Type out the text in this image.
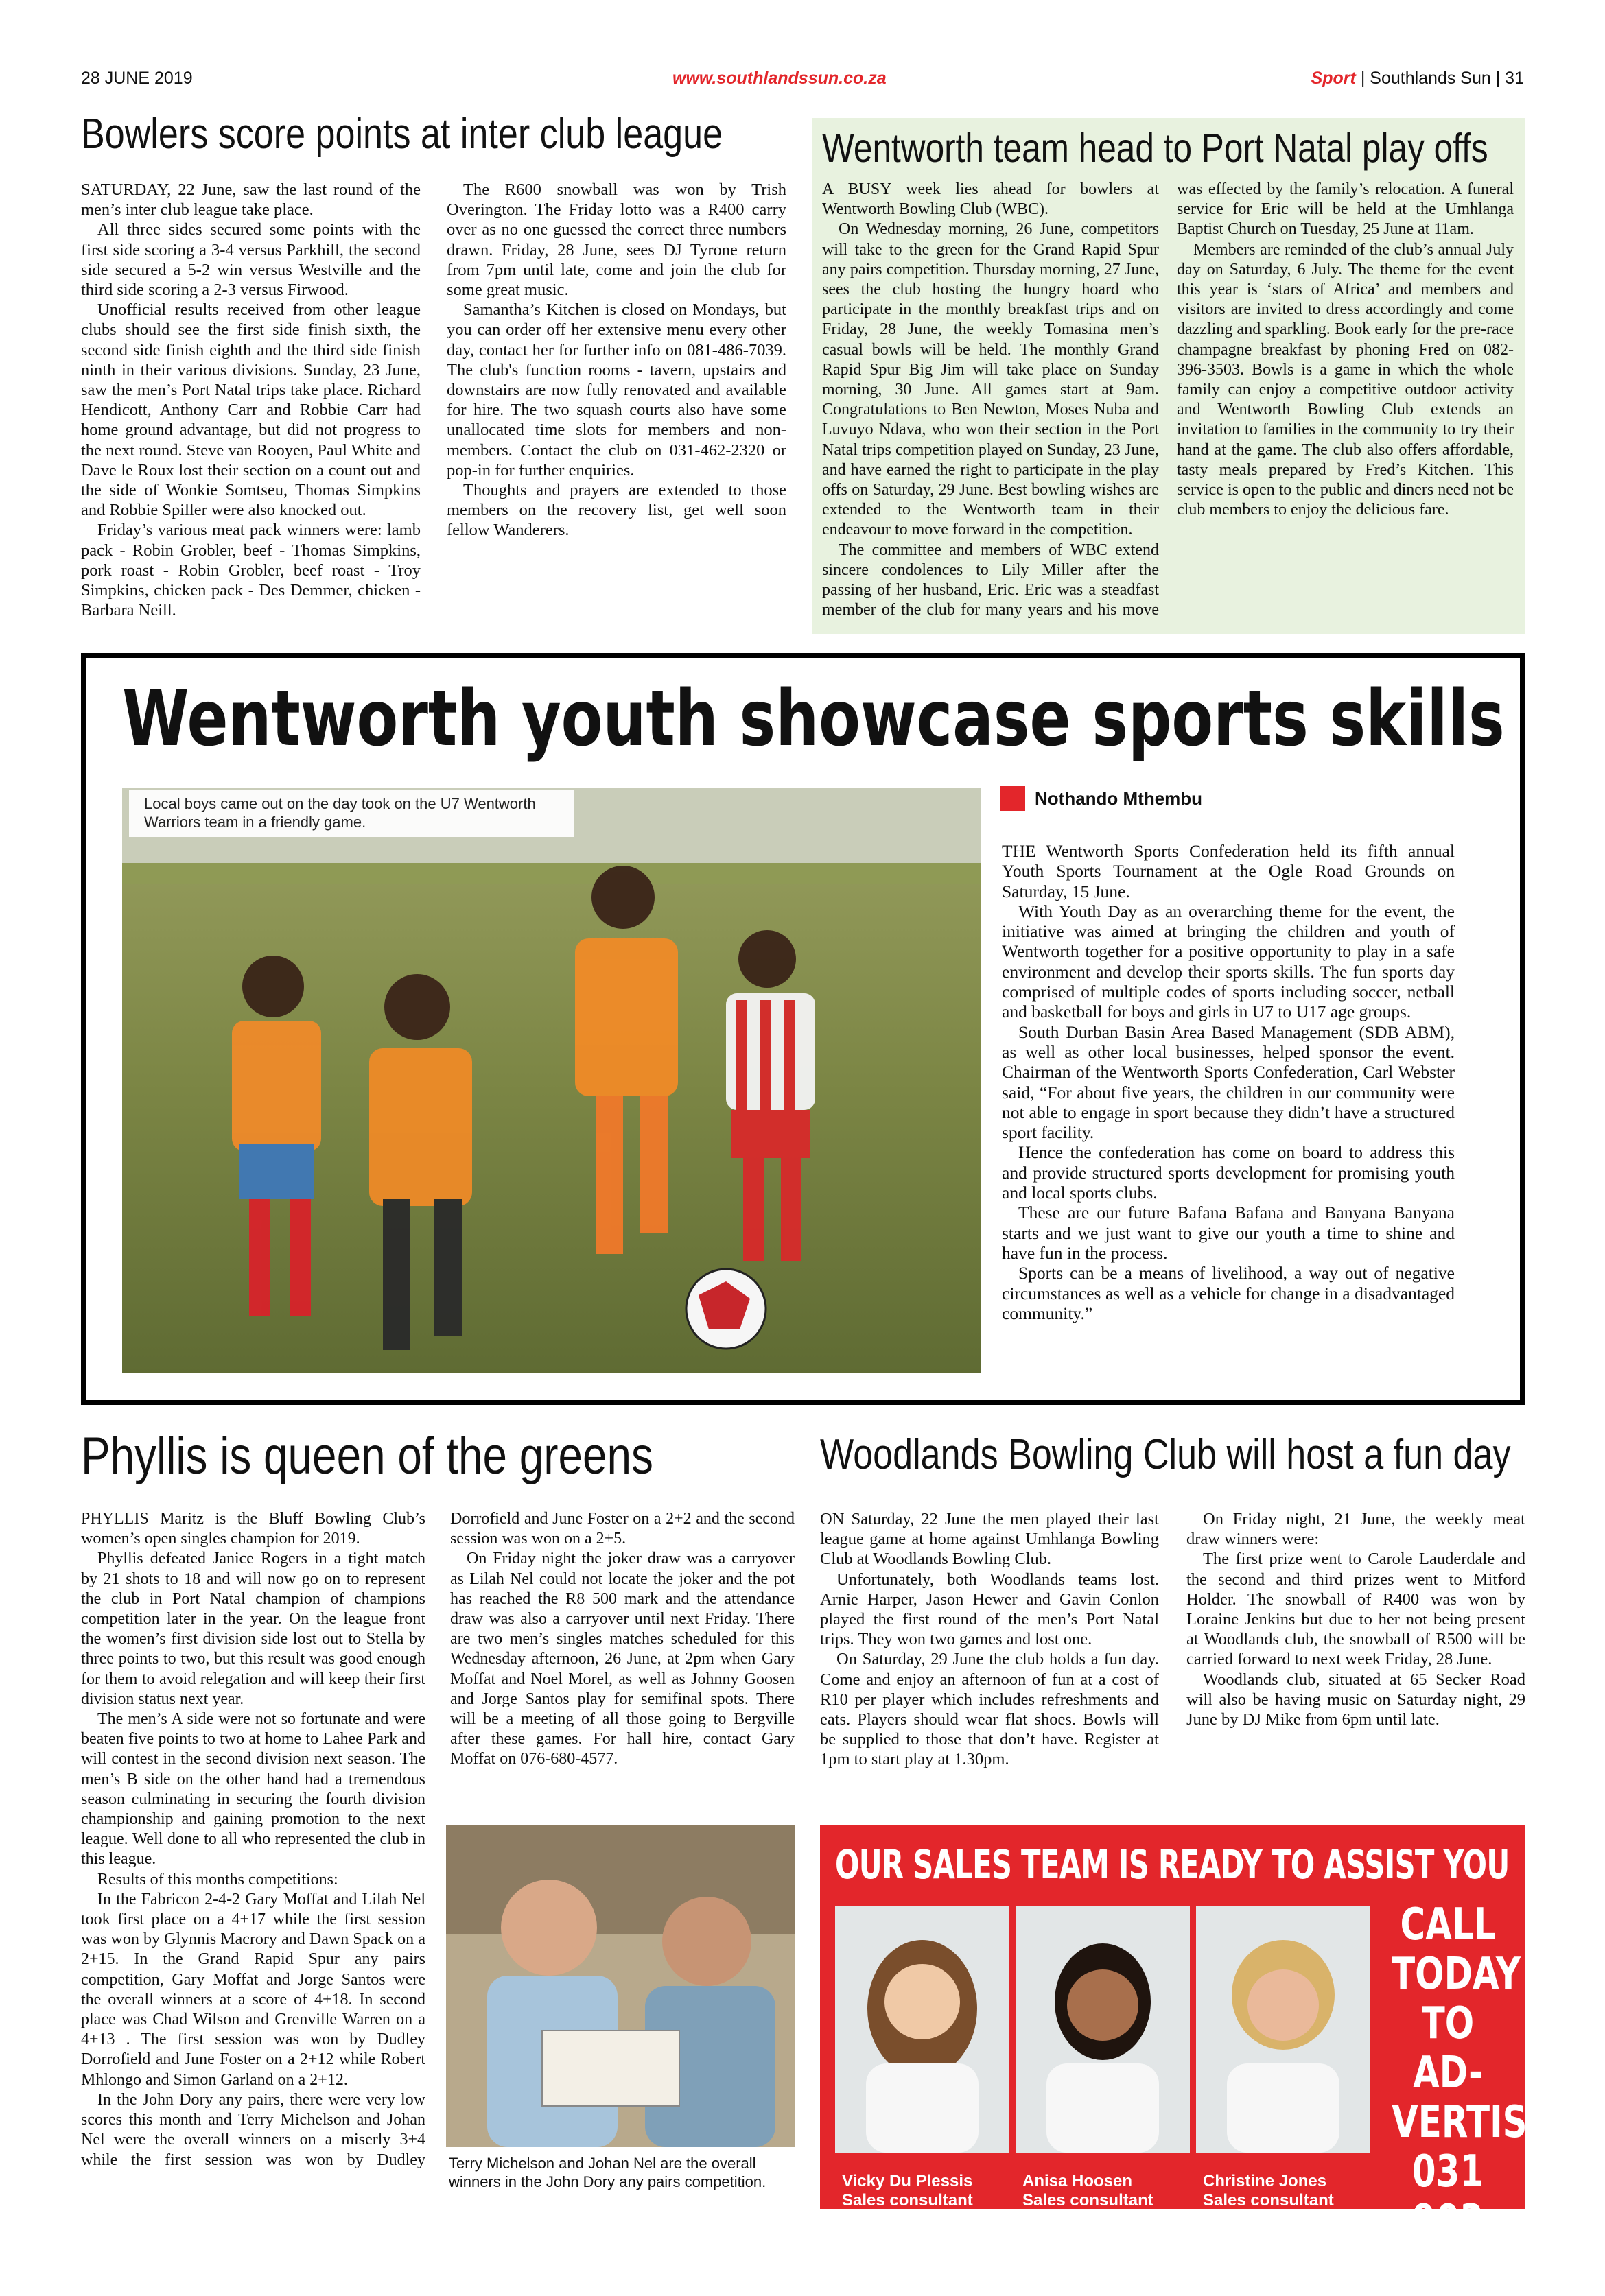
28 JUNE 2019	www.southlandssun.co.za	Sport | Southlands Sun | 31
Bowlers score points at inter club league

SATURDAY, 22 June, saw the last round of the men’s inter club league take place.

All three sides secured some points with the first side scoring a 3-4 versus Parkhill, the second side secured a 5-2 win versus Westville and the third side scoring a 2-3 versus Firwood.

Unofficial results received from other league clubs should see the first side finish sixth, the second side finish eighth and the third side finish ninth in their various divisions. Sunday, 23 June, saw the men’s Port Natal trips take place. Richard Hendicott, Anthony Carr and Robbie Carr had home ground advantage, but did not progress to the next round. Steve van Rooyen, Paul White and Dave le Roux lost their section on a count out and the side of Wonkie Somtseu, Thomas Simpkins and Robbie Spiller were also knocked out.

Friday’s various meat pack winners were: lamb pack - Robin Grobler, beef - Thomas Simpkins, pork roast - Robin Grobler, beef roast - Troy Simpkins, chicken pack - Des Demmer, chicken - Barbara Neill.

The R600 snowball was won by Trish Overington. The Friday lotto was a R400 carry over as no one guessed the correct three numbers drawn. Friday, 28 June, sees DJ Tyrone return from 7pm until late, come and join the club for some great music.

Samantha’s Kitchen is closed on Mondays, but you can order off her extensive menu every other day, contact her for further info on 081-486-7039. The club's function rooms - tavern, upstairs and downstairs are now fully renovated and available for hire. The two squash courts also have some unallocated time slots for members and non-members. Contact the club on 031-462-2320 or pop-in for further enquiries.

Thoughts and prayers are extended to those members on the recovery list, get well soon fellow Wanderers.

Wentworth team head to Port Natal play offs

A BUSY week lies ahead for bowlers at Wentworth Bowling Club (WBC).

On Wednesday morning, 26 June, competitors will take to the green for the Grand Rapid Spur any pairs competition. Thursday morning, 27 June, sees the club hosting the hungry hoard who participate in the monthly breakfast trips and on Friday, 28 June, the weekly Tomasina men’s casual bowls will be held. The monthly Grand Rapid Spur Big Jim will take place on Sunday morning, 30 June. All games start at 9am. Congratulations to Ben Newton, Moses Nuba and Luvuyo Ndava, who won their section in the Port Natal trips competition played on Sunday, 23 June, and have earned the right to participate in the play offs on Saturday, 29 June. Best bowling wishes are extended to the Wentworth team in their endeavour to move forward in the competition.

The committee and members of WBC extend sincere condolences to Lily Miller after the passing of her husband, Eric. Eric was a steadfast member of the club for many years and his move was effected by the family’s relocation. A funeral service for Eric will be held at the Umhlanga Baptist Church on Tuesday, 25 June at 11am.

Members are reminded of the club’s annual July day on Saturday, 6 July. The theme for the event this year is ‘stars of Africa’ and members and visitors are invited to dress accordingly and come dazzling and sparkling. Book early for the pre-race champagne breakfast by phoning Fred on 082-396-3503. Bowls is a game in which the whole family can enjoy a competitive outdoor activity and Wentworth Bowling Club extends an invitation to families in the community to try their hand at the game. The club also offers affordable, tasty meals prepared by Fred’s Kitchen. This service is open to the public and diners need not be club members to enjoy the delicious fare.

Wentworth youth showcase sports skills
Local boys came out on the day took on the U7 Wentworth Warriors team in a friendly game.
Nothando Mthembu

THE Wentworth Sports Confederation held its fifth annual Youth Sports Tournament at the Ogle Road Grounds on Saturday, 15 June.

With Youth Day as an overarching theme for the event, the initiative was aimed at bringing the children and youth of Wentworth together for a positive opportunity to play in a safe environment and develop their sports skills. The fun sports day comprised of multiple codes of sports including soccer, netball and basketball for boys and girls in U7 to U17 age groups.

South Durban Basin Area Based Management (SDB ABM), as well as other local businesses, helped sponsor the event. Chairman of the Wentworth Sports Confederation, Carl Webster said, “For about five years, the children in our community were not able to engage in sport because they didn’t have a structured sport facility.

Hence the confederation has come on board to address this and provide structured sports development for promising youth and local sports clubs.

These are our future Bafana Bafana and Banyana Banyana starts and we just want to give our youth a time to shine and have fun in the process.

Sports can be a means of livelihood, a way out of negative circumstances as well as a vehicle for change in a disadvantaged community.”

Phyllis is queen of the greens

PHYLLIS Maritz is the Bluff Bowling Club’s women’s open singles champion for 2019.

Phyllis defeated Janice Rogers in a tight match by 21 shots to 18 and will now go on to represent the club in Port Natal champion of champions competition later in the year. On the league front the women’s first division side lost out to Stella by three points to two, but this result was good enough for them to avoid relegation and will keep their first division status next year.

The men’s A side were not so fortunate and were beaten five points to two at home to Lahee Park and will contest in the second division next season. The men’s B side on the other hand had a tremendous season culminating in securing the fourth division championship and gaining promotion to the next league. Well done to all who represented the club in this league.

Results of this months competitions:

In the Fabricon 2-4-2 Gary Moffat and Lilah Nel took first place on a 4+17 while the first session was won by Glynnis Macrory and Dawn Spack on a 2+15. In the Grand Rapid Spur any pairs competition, Gary Moffat and Jorge Santos were the overall winners at a score of 4+18. In second place was Chad Wilson and Grenville Warren on a 4+13 . The first session was won by Dudley Dorrofield and June Foster on a 2+12 while Robert Mhlongo and Simon Garland on a 2+12.

In the John Dory any pairs, there were very low scores this month and Terry Michelson and Johan Nel were the overall winners on a miserly 3+4 while the first session was won by Dudley Dorrofield and June Foster on a 2+2 and the second session was won on a 2+5.

On Friday night the joker draw was a carryover as Lilah Nel could not locate the joker and the pot has reached the R8 500 mark and the attendance draw was also a carryover until next Friday. There are two men’s singles matches scheduled for this Wednesday afternoon, 26 June, at 2pm when Gary Moffat and Noel Morel, as well as Johnny Goosen and Jorge Santos play for semifinal spots. There will be a meeting of all those going to Bergville after these games. For hall hire, contact Gary Moffat on 076-680-4577.

Terry Michelson and Johan Nel are the overall winners in the John Dory any pairs competition.
Woodlands Bowling Club will host a fun day

ON Saturday, 22 June the men played their last league game at home against Umhlanga Bowling Club at Woodlands Bowling Club.

Unfortunately, both Woodlands teams lost. Arnie Harper, Jason Hewer and Gavin Conlon played the first round of the men’s Port Natal trips. They won two games and lost one.

On Saturday, 29 June the club holds a fun day. Come and enjoy an afternoon of fun at a cost of R10 per player which includes refreshments and eats. Players should wear flat shoes. Bowls will be supplied to those that don’t have. Register at 1pm to start play at 1.30pm.

On Friday night, 21 June, the weekly meat draw winners were:

The first prize went to Carole Lauderdale and the second and third prizes went to Mitford Holder. The snowball of R400 was won by Loraine Jenkins but due to her not being present at Woodlands club, the snowball of R500 will be carried forward to next week Friday, 28 June.

Woodlands club, situated at 65 Secker Road will also be having music on Saturday night, 29 June by DJ Mike from 6pm until late.

OUR SALES TEAM IS READY TO ASSIST YOU
Vicky Du Plessis
Sales consultant
Anisa Hoosen
Sales consultant
Christine Jones
Sales consultant
CALL
TODAY
TO AD-
VERTISE
031 903
2341
